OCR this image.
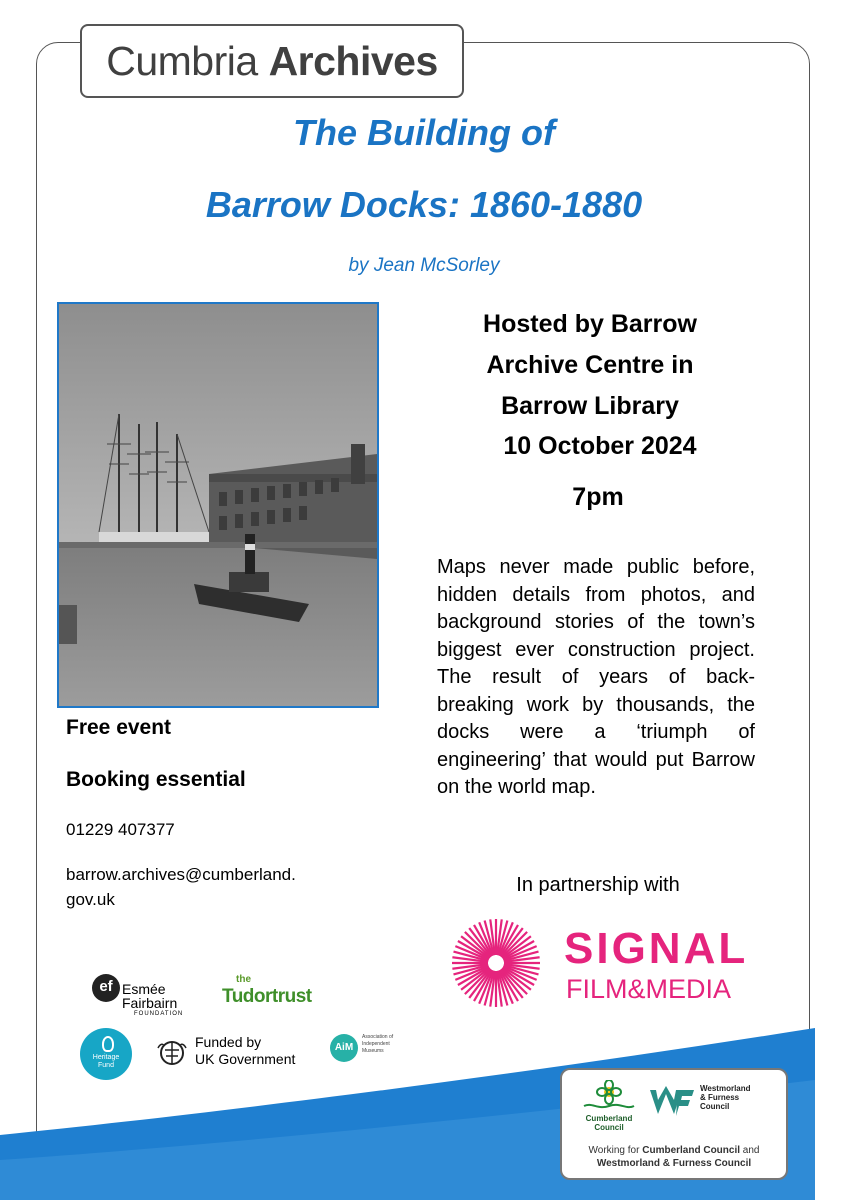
Cumbria
Archives
The Building of
Barrow Docks: 1860-1880
by Jean McSorley
Hosted by Barrow
Archive Centre in
Barrow Library
10 October 2024
7pm
Maps never made public before, hidden details from photos, and background stories of the town’s biggest ever construction project. The result of years of back-breaking work by thousands, the docks were a ‘triumph of engineering’ that would put Barrow on the world map.
In partnership with
SIGNAL
FILM&MEDIA
Free event
Booking essential
01229 407377
barrow.archives@cumberland.
gov.uk
ef Esmée
Fairbairn
FOUNDATION
the
Tudortrust
Heritage
Fund
Funded by
UK Government
AiM
Association of
Independent
Museums
Cumberland
Council
Westmorland
& Furness
Council
Working for Cumberland Council and
Westmorland & Furness Council
